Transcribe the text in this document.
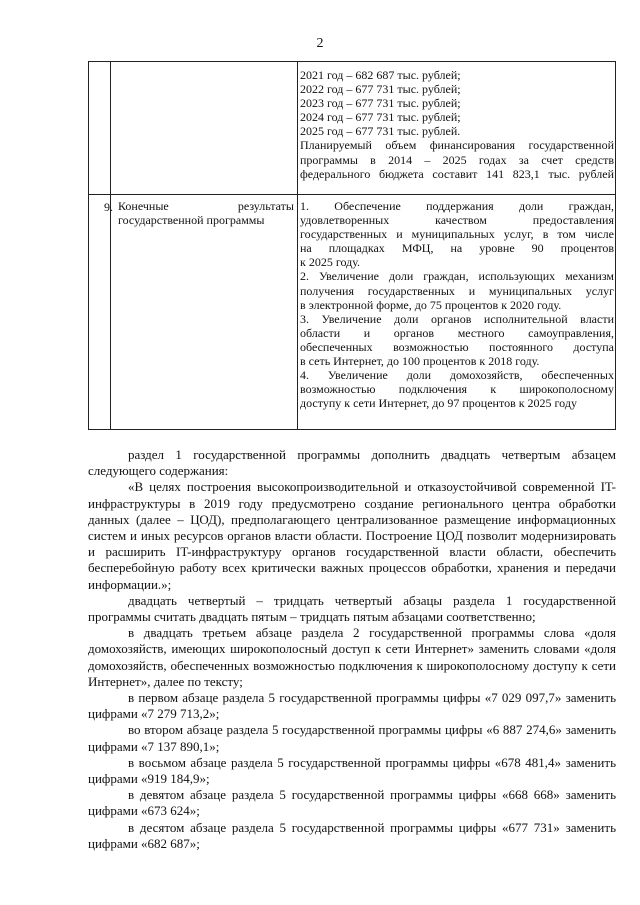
2
2021 год – 682 687 тыс. рублей;
2022 год – 677 731 тыс. рублей;
2023 год – 677 731 тыс. рублей;
2024 год – 677 731 тыс. рублей;
2025 год – 677 731 тыс. рублей.
Планируемый объем финансирования государственной
программы в 2014 – 2025 годах за счет средств
федерального бюджета составит 141 823,1 тыс. рублей
9. Конечные результаты
государственной программы
1. Обеспечение поддержания доли граждан,
удовлетворенных качеством предоставления
государственных и муниципальных услуг, в том числе
на площадках МФЦ, на уровне 90 процентов
к 2025 году.
2. Увеличение доли граждан, использующих механизм
получения государственных и муниципальных услуг
в электронной форме, до 75 процентов к 2020 году.
3. Увеличение доли органов исполнительной власти
области и органов местного самоуправления,
обеспеченных возможностью постоянного доступа
в сеть Интернет, до 100 процентов к 2018 году.
4. Увеличение доли домохозяйств, обеспеченных
возможностью подключения к широкополосному
доступу к сети Интернет, до 97 процентов к 2025 году

раздел 1 государственной программы дополнить двадцать четвертым абзацем следующего содержания:

«В целях построения высокопроизводительной и отказоустойчивой современной IT-инфраструктуры в 2019 году предусмотрено создание регионального центра обработки данных (далее – ЦОД), предполагающего централизованное размещение информационных систем и иных ресурсов органов власти области. Построение ЦОД позволит модернизировать и расширить IT-инфраструктуру органов государственной власти области, обеспечить бесперебойную работу всех критически важных процессов обработки, хранения и передачи информации.»;

двадцать четвертый – тридцать четвертый абзацы раздела 1 государственной программы считать двадцать пятым – тридцать пятым абзацами соответственно;

в двадцать третьем абзаце раздела 2 государственной программы слова «доля домохозяйств, имеющих широкополосный доступ к сети Интернет» заменить словами «доля домохозяйств, обеспеченных возможностью подключения к широкополосному доступу к сети Интернет», далее по тексту;

в первом абзаце раздела 5 государственной программы цифры «7 029 097,7» заменить цифрами «7 279 713,2»;

во втором абзаце раздела 5 государственной программы цифры «6 887 274,6» заменить цифрами «7 137 890,1»;

в восьмом абзаце раздела 5 государственной программы цифры «678 481,4» заменить цифрами «919 184,9»;

в девятом абзаце раздела 5 государственной программы цифры «668 668» заменить цифрами «673 624»;

в десятом абзаце раздела 5 государственной программы цифры «677 731» заменить цифрами «682 687»;
